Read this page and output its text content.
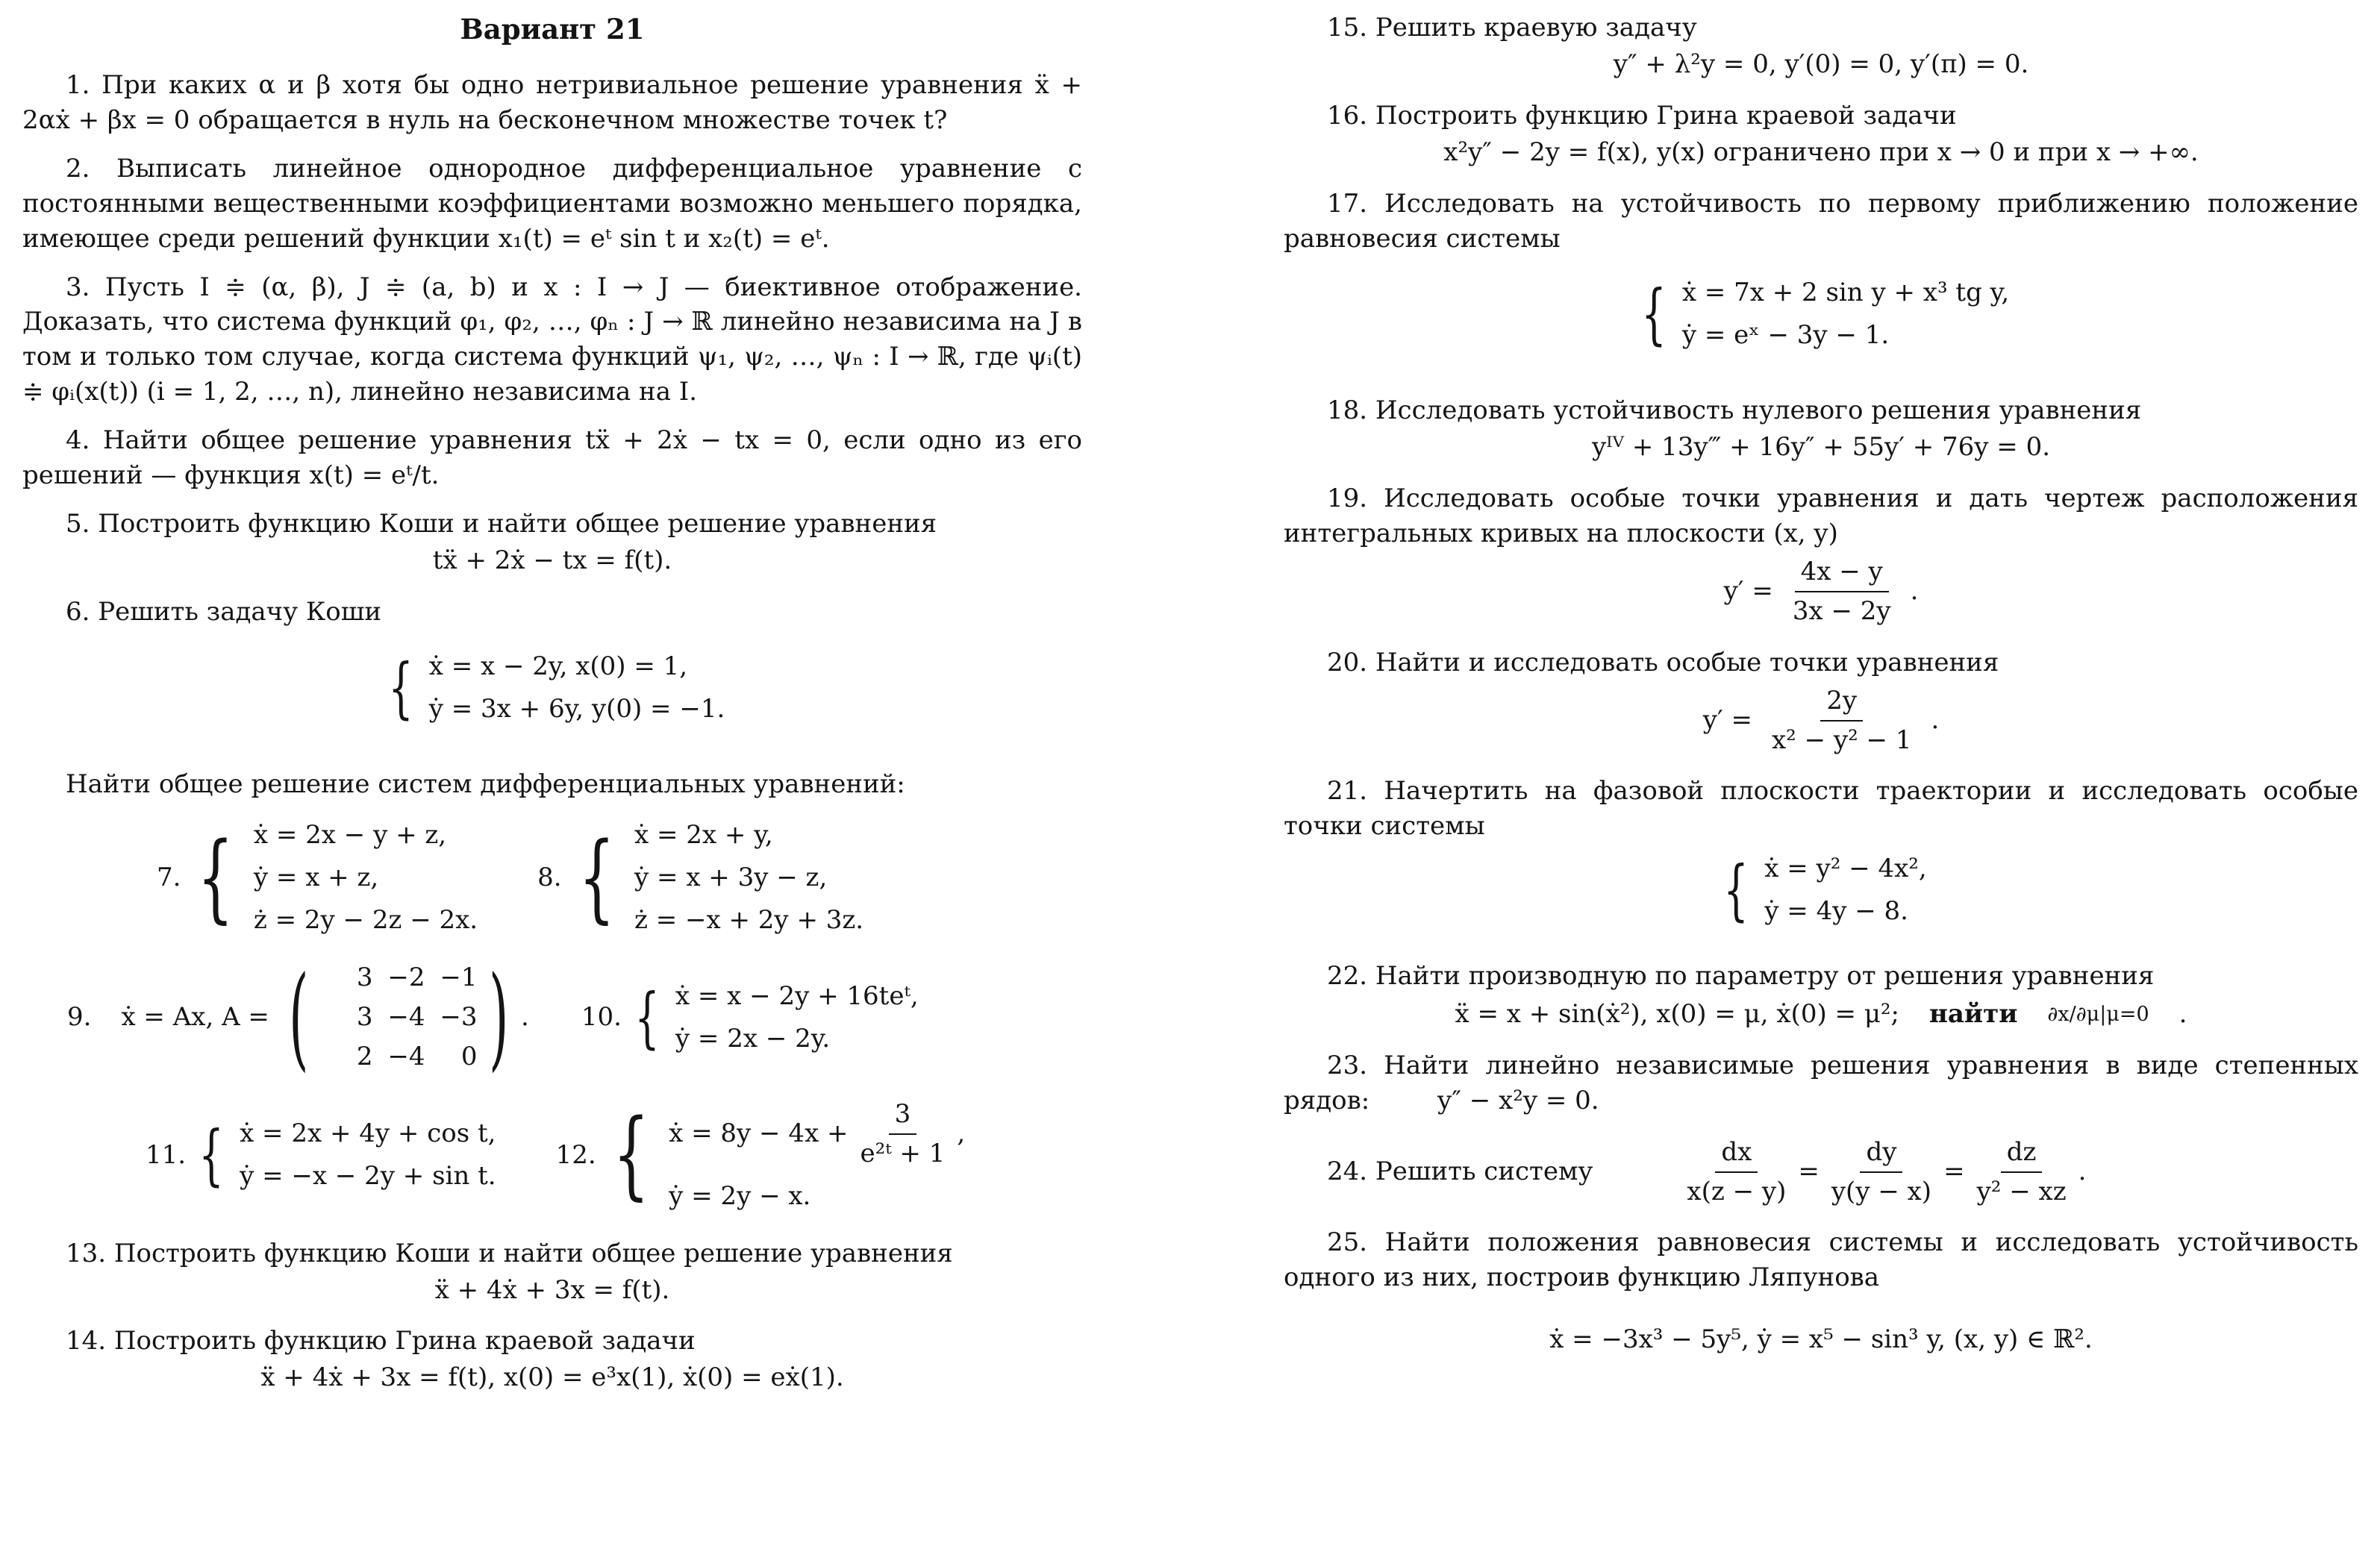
Вариант 21

1. При каких α и β хотя бы одно нетривиальное решение уравнения ẍ + 2αẋ + βx = 0 обращается в нуль на бесконечном множестве точек t?

2. Выписать линейное однородное дифференциальное уравнение с постоянными вещественными коэффициентами возможно меньшего порядка, имеющее среди решений функции x₁(t) = eᵗ sin t и x₂(t) = eᵗ.

3. Пусть I ≑ (α, β), J ≑ (a, b) и x : I → J — биективное отображение. Доказать, что система функций φ₁, φ₂, …, φₙ : J → ℝ линейно независима на J в том и только том случае, когда система функций ψ₁, ψ₂, …, ψₙ : I → ℝ, где ψᵢ(t) ≑ φᵢ(x(t)) (i = 1, 2, …, n), линейно независима на I.

4. Найти общее решение уравнения tẍ + 2ẋ − tx = 0, если одно из его решений — функция x(t) = eᵗ/t.

5. Построить функцию Коши и найти общее решение уравнения

tẍ + 2ẋ − tx = f(t).

6. Решить задачу Коши

{ ẋ = x − 2y, x(0) = 1,
ẏ = 3x + 6y, y(0) = −1.

Найти общее решение систем дифференциальных уравнений:

7. { ẋ = 2x − y + z,
ẏ = x + z,
ż = 2y − 2z − 2x.
8. { ẋ = 2x + y,
ẏ = x + 3y − z,
ż = −x + 2y + 3z.
9. ẋ = Ax, A = (	3 −2 −1
3 −4 −3
2 −4	0 ) . 10. { ẋ = x − 2y + 16teᵗ,
ẏ = 2x − 2y.
11. { ẋ = 2x + 4y + cos t,
ẏ = −x − 2y + sin t.
12. { ẋ = $8y - 4x + \frac{3}{\text{e²ᵗ + 1}}$ ,
ẏ = 2y − x.

13. Построить функцию Коши и найти общее решение уравнения

ẍ + 4ẋ + 3x = f(t).

14. Построить функцию Грина краевой задачи

ẍ + 4ẋ + 3x = f(t), x(0) = e³x(1), ẋ(0) = eẋ(1).

15. Решить краевую задачу

y″ + λ²y = 0, y′(0) = 0, y′(π) = 0.

16. Построить функцию Грина краевой задачи

x²y″ − 2y = f(x), y(x) ограничено при x → 0 и при x → +∞.

17. Исследовать на устойчивость по первому приближению положение равновесия системы

{ ẋ = 7x + 2 sin y + x³ tg y,
ẏ = eˣ − 3y − 1.

18. Исследовать устойчивость нулевого решения уравнения

yᴵⱽ + 13y‴ + 16y″ + 55y′ + 76y = 0.

19. Исследовать особые точки уравнения и дать чертеж расположения интегральных кривых на плоскости (x, y)

$y' = \frac{4x - y}{3x - 2y}$ .

20. Найти и исследовать особые точки уравнения

$y' = \frac{2y}{\text{x² − y² − 1}}$ .

21. Начертить на фазовой плоскости траектории и исследовать особые точки системы

{ ẋ = y² − 4x²,
ẏ = 4y − 8.

22. Найти производную по параметру от решения уравнения

ẍ = x + sin(ẋ²), x(0) = μ, ẋ(0) = μ²; найти ∂x/∂μ|μ=0 .

23. Найти линейно независимые решения уравнения в виде степенных рядов:	y″ − x²y = 0.

24. Решить систему	$\frac{dx}{x(z - y)} = \frac{dy}{y(y - x)} = \frac{dz}{\text{y² − xz}}$ .

25. Найти положения равновесия системы и исследовать устойчивость одного из них, построив функцию Ляпунова

ẋ = −3x³ − 5y⁵, ẏ = x⁵ − sin³ y, (x, y) ∈ ℝ².
